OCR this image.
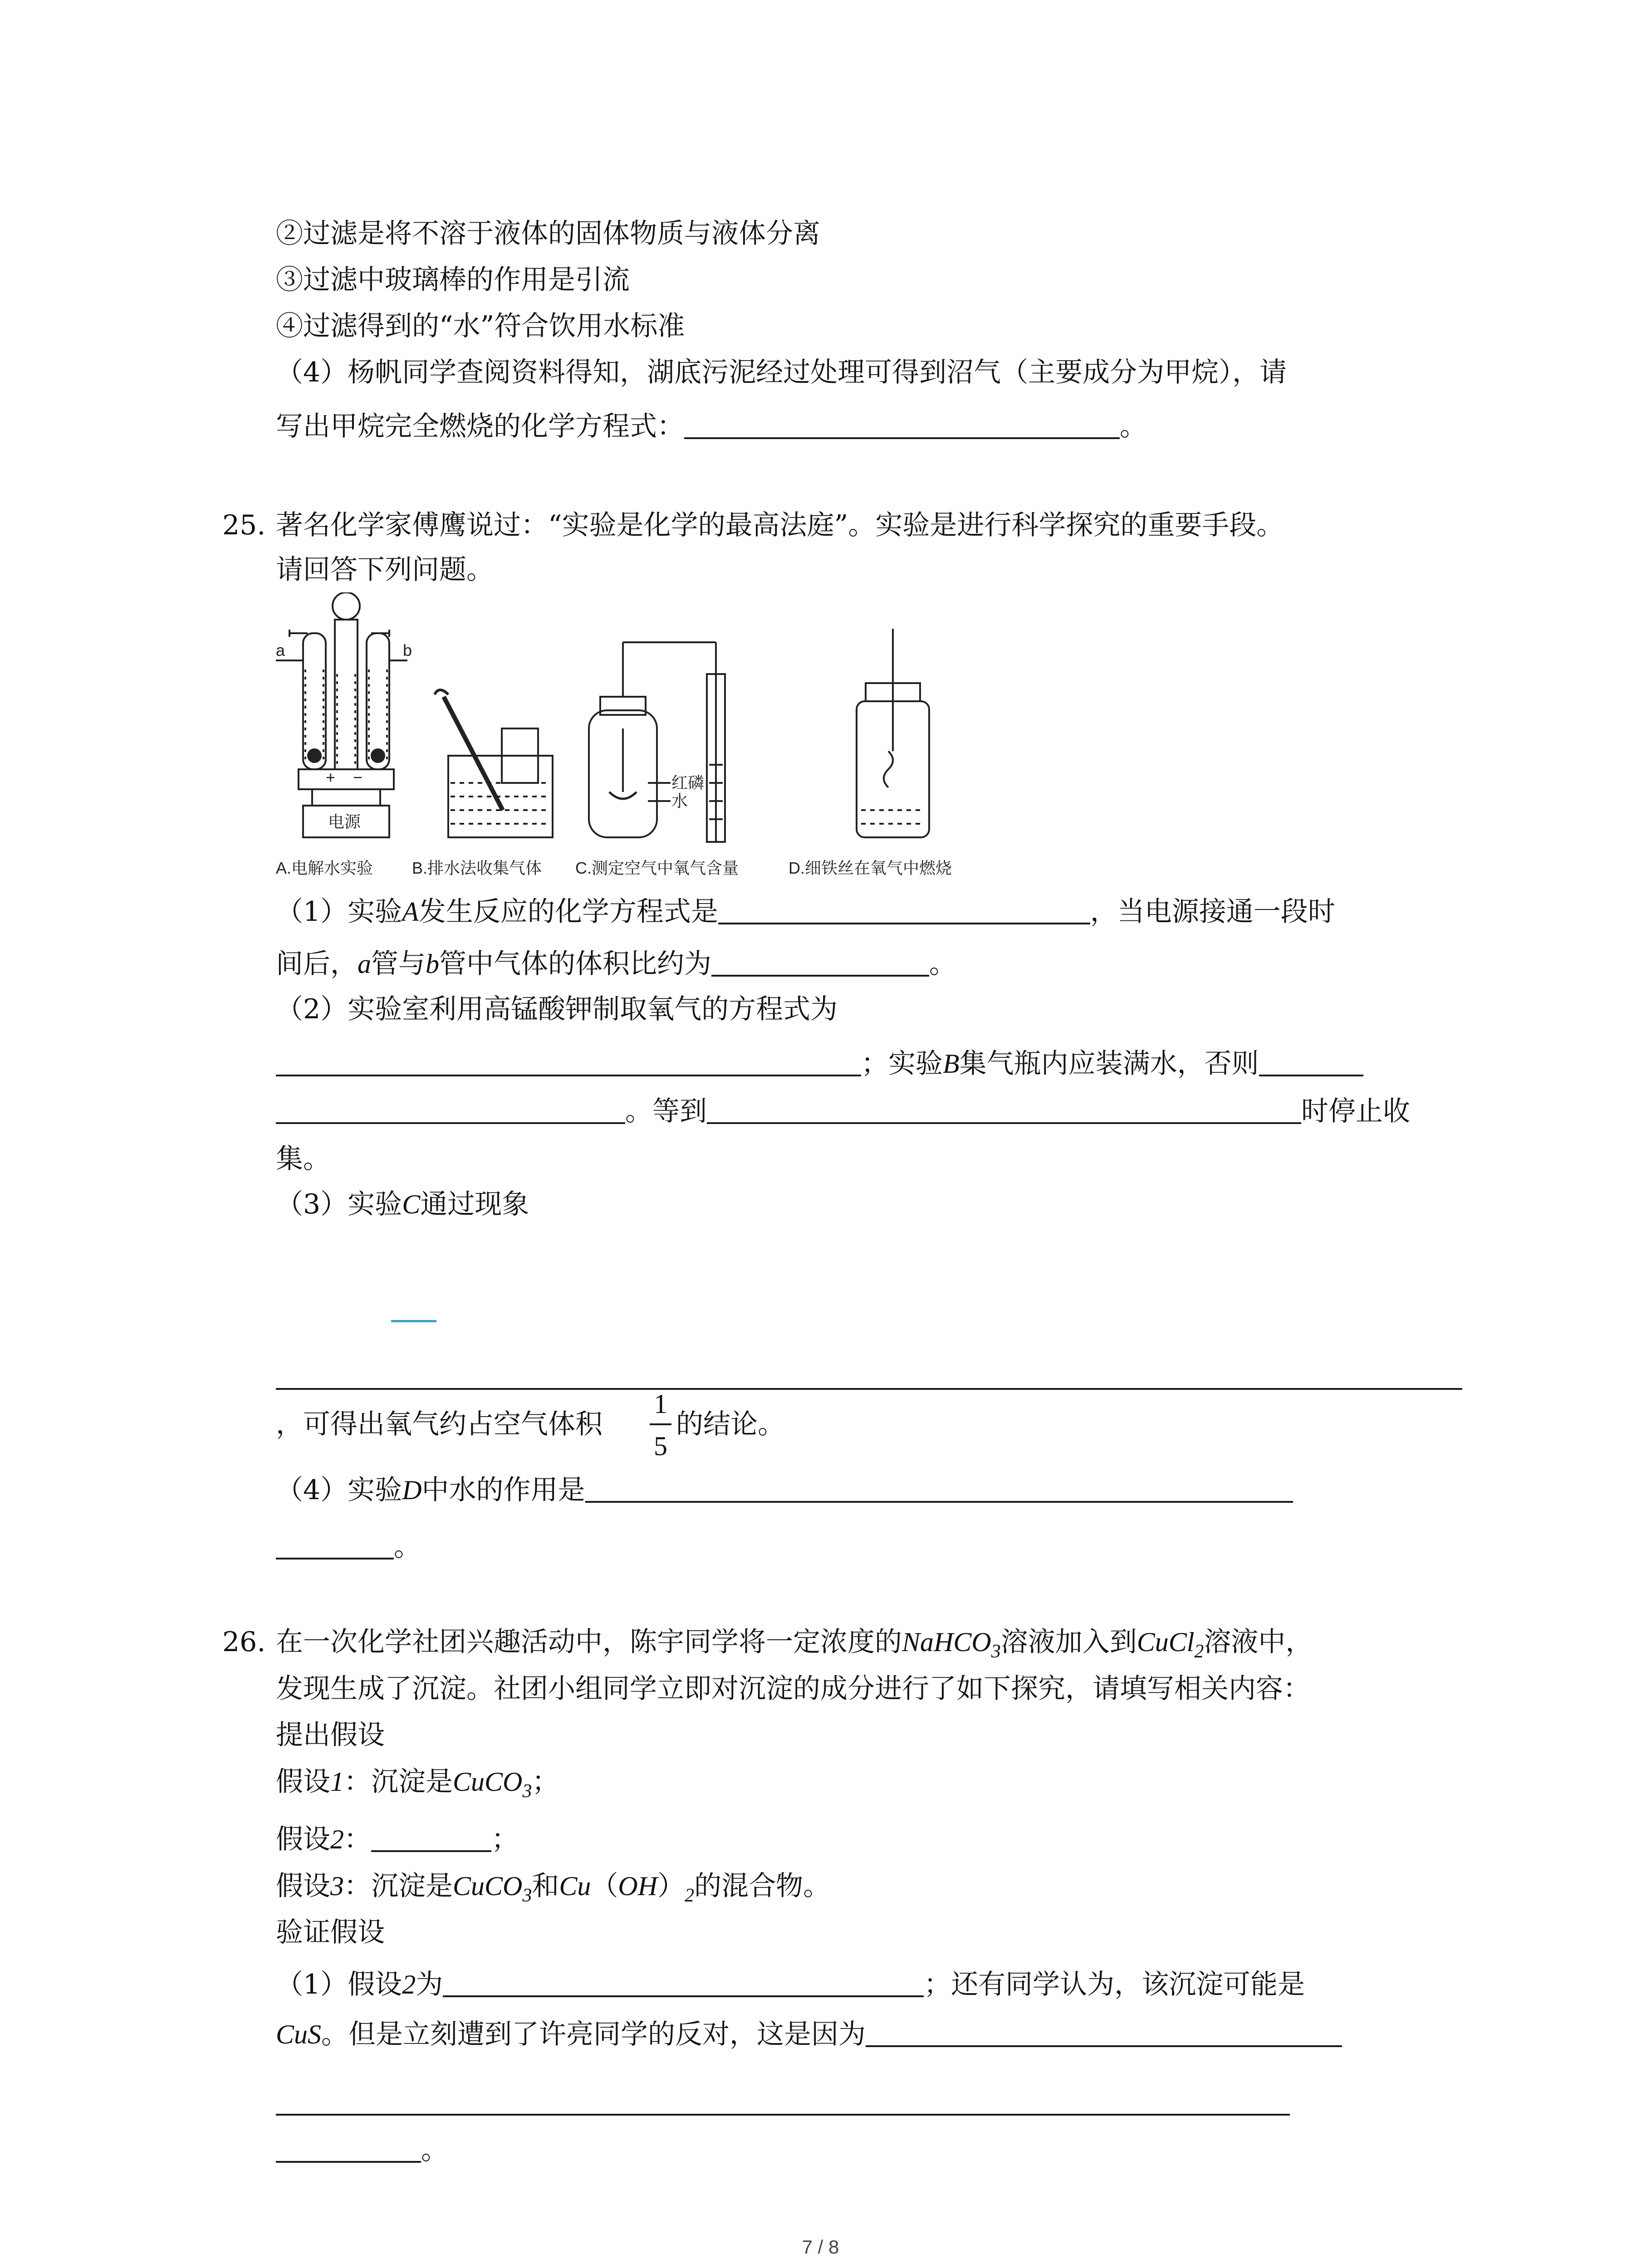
②过滤是将不溶于液体的固体物质与液体分离
③过滤中玻璃棒的作用是引流
④过滤得到的“水”符合饮用水标准
（4）杨帆同学查阅资料得知，湖底污泥经过处理可得到沼气（主要成分为甲烷），请
写出甲烷完全燃烧的化学方程式：	。
25. 著名化学家傅鹰说过：“实验是化学的最高法庭”。实验是进行科学探究的重要手段。
请回答下列问题。
a	b
+ −
电源
红磷
水
A.电解水实验 B.排水法收集气体 C.测定空气中氧气含量	D.细铁丝在氧气中燃烧
（1）实验A发生反应的化学方程式是	，当电源接通一段时
间后，a管与b管中气体的体积比约为	。
（2）实验室利用高锰酸钾制取氧气的方程式为
；实验B集气瓶内应装满水，否则
。等到	时停止收
集。
（3）实验C通过现象
，可得出氧气约占空气体积
1
5
的结论。
（4）实验D中水的作用是
。
26. 在一次化学社团兴趣活动中，陈宇同学将一定浓度的NaHCO$_3$溶液加入到CuCl$_2$溶液中，
发现生成了沉淀。社团小组同学立即对沉淀的成分进行了如下探究，请填写相关内容：
提出假设
假设1：沉淀是CuCO$_3$；
假设2：	；
假设3：沉淀是CuCO$_3$和$Cu(OH)_2$的混合物。
验证假设
（1）假设2为	；还有同学认为，该沉淀可能是
CuS。但是立刻遭到了许亮同学的反对，这是因为
。
7 / 8
